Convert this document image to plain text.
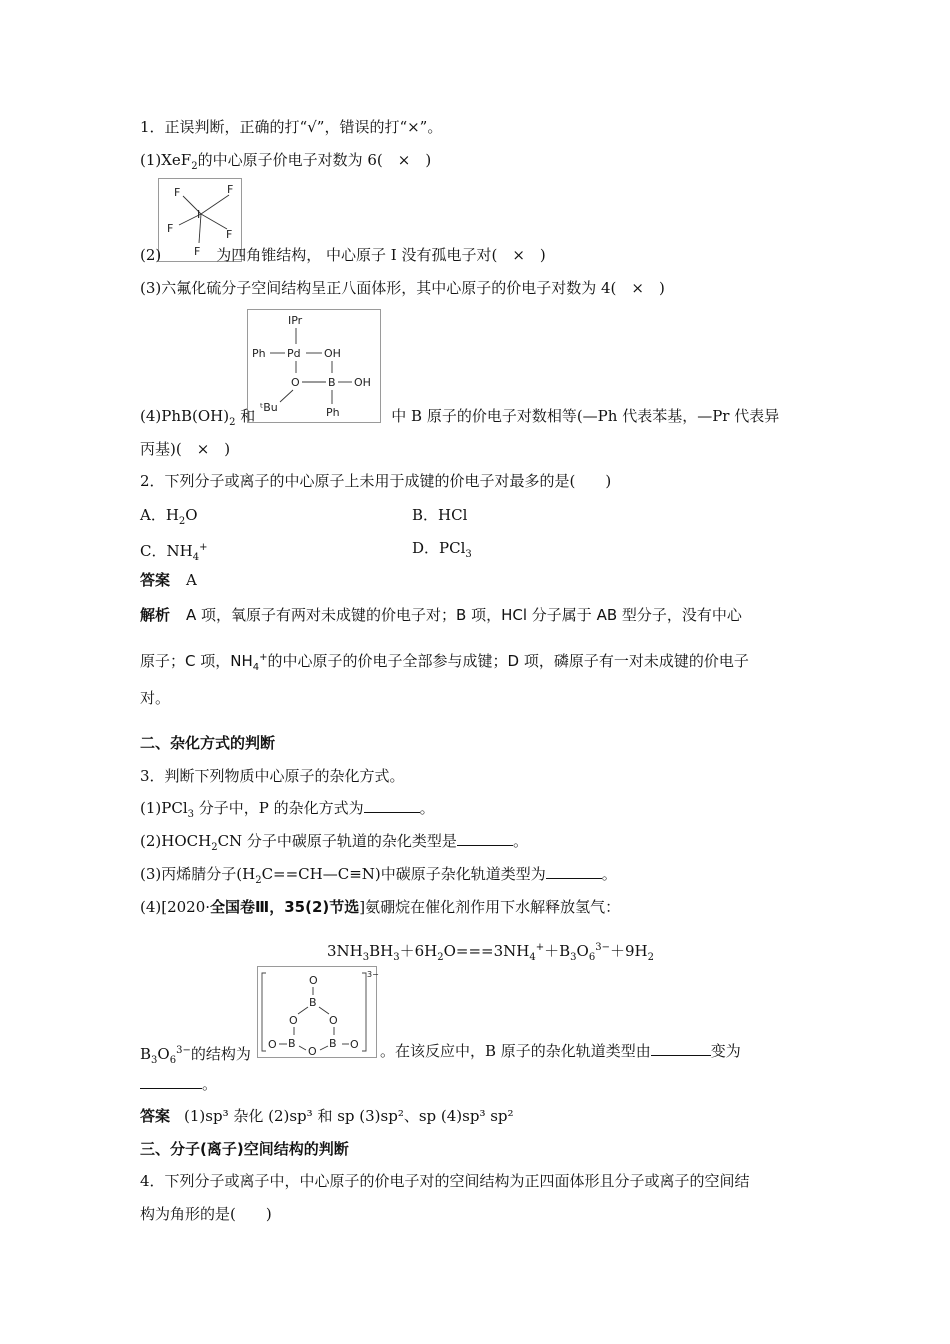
1．正误判断，正确的打“√”，错误的打“×”。
(1)XeF$_2$的中心原子价电子对数为 6(　×　)
F	F
I
F	F
F
(2)	为四角锥结构， 中心原子 I 没有孤电子对(　×　)
(3)六氟化硫分子空间结构呈正八面体形，其中心原子的价电子对数为 4(　×　)
IPr
Ph Pd OH
O	B OH
ᵗBu	Ph
$(4)PhB(OH)_2$ 和	中 B 原子的价电子对数相等(—Ph 代表苯基，—Pr 代表异
丙基)(　×　)
2．下列分子或离子的中心原子上未用于成键的价电子对最多的是(　　)
A．$H_2O$	B．HCl
C．$NH_4^+$	D．PCl$_3$
答案 A
解析 A 项，氧原子有两对未成键的价电子对；B 项，HCl 分子属于 AB 型分子，没有中心
原子；C 项，$NH_4^+$的中心原子的价电子全部参与成键；D 项，磷原子有一对未成键的价电子
对。
二、杂化方式的判断
3．判断下列物质中心原子的杂化方式。
(1)PCl$_3$ 分子中，P 的杂化方式为	。
$(2)HOCH_2CN$ 分子中碳原子轨道的杂化类型是	。
(3)丙烯腈分子$(H_2C==CH—C\equiv N)$中碳原子杂化轨道类型为	。
(4)[2020·全国卷Ⅲ，35(2)节选]氨硼烷在催化剂作用下水解释放氢气：
$3NH_3BH_3+6H_2O===3NH_4^++B_3O_6^{3-}+9H_2$
3−
O
B
O	O
B	B
O
O	O
$B_3O_6^{3-}$的结构为	。在该反应中，B 原子的杂化轨道类型由	变为
。
答案 (1)sp³ 杂化 (2)sp³ 和 sp (3)sp²、sp (4)sp³ sp²
三、分子(离子)空间结构的判断
4．下列分子或离子中，中心原子的价电子对的空间结构为正四面体形且分子或离子的空间结
构为角形的是(　　)
